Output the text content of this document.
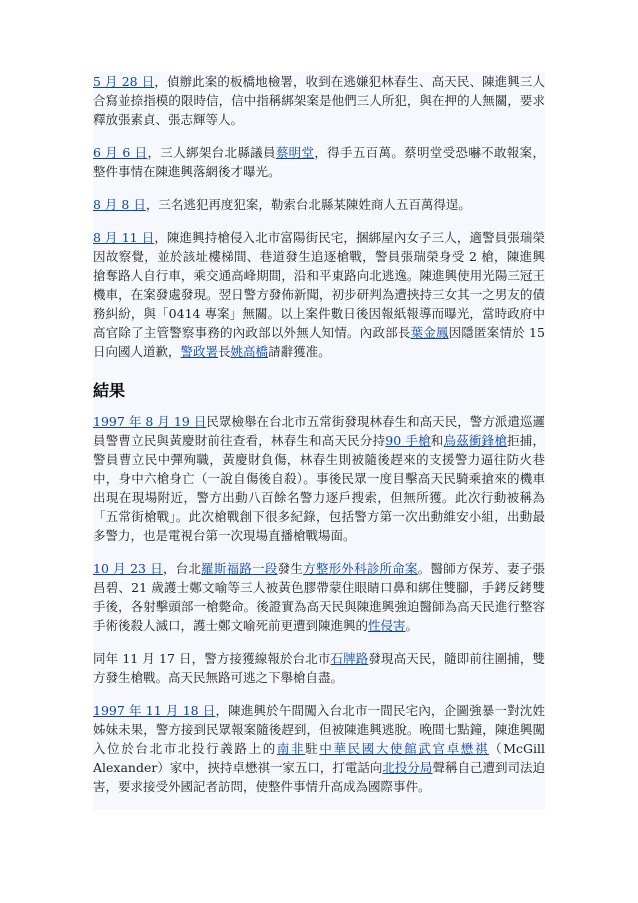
5 月 28 日，偵辦此案的板橋地檢署，收到在逃嫌犯林春生、高天民、陳進興三人合寫並捺指模的限時信，信中指稱綁架案是他們三人所犯，與在押的人無關，要求釋放張素貞、張志輝等人。

6 月 6 日，三人綁架台北縣議員蔡明堂，得手五百萬。蔡明堂受恐嚇不敢報案，整件事情在陳進興落網後才曝光。

8 月 8 日，三名逃犯再度犯案，勒索台北縣某陳姓商人五百萬得逞。

8 月 11 日，陳進興持槍侵入北市富陽街民宅，捆綁屋內女子三人，適警員張瑞榮因故察覺，並於該址樓梯間、巷道發生追逐槍戰，警員張瑞榮身受 2 槍，陳進興搶奪路人自行車，乘交通高峰期間，沿和平東路向北逃逸。陳進興使用光陽三冠王機車，在案發處發現。翌日警方發佈新聞，初步研判為遭挾持三女其一之男友的債務糾紛，與「0414 專案」無關。以上案件數日後因報紙報導而曝光，當時政府中高官除了主管警察事務的內政部以外無人知情。內政部長葉金鳳因隱匿案情於 15 日向國人道歉，警政署長姚高橋請辭獲准。

結果

1997 年 8 月 19 日民眾檢舉在台北市五常街發現林春生和高天民，警方派遣巡邏員警曹立民與黃慶財前往查看，林春生和高天民分持90 手槍和烏茲衝鋒槍拒捕，警員曹立民中彈殉職，黃慶財負傷，林春生則被隨後趕來的支援警力逼往防火巷中，身中六槍身亡（一說自傷後自殺）。事後民眾一度目擊高天民騎乘搶來的機車出現在現場附近，警方出動八百餘名警力逐戶搜索，但無所獲。此次行動被稱為「五常街槍戰」。此次槍戰創下很多紀錄，包括警方第一次出動維安小組，出動最多警力，也是電視台第一次現場直播槍戰場面。

10 月 23 日，台北羅斯福路一段發生方整形外科診所命案。醫師方保芳、妻子張昌碧、21 歲護士鄭文喻等三人被黃色膠帶蒙住眼睛口鼻和綁住雙腳，手銬反銬雙手後，各射擊頭部一槍斃命。後證實為高天民與陳進興強迫醫師為高天民進行整容手術後殺人滅口，護士鄭文喻死前更遭到陳進興的性侵害。

同年 11 月 17 日，警方接獲線報於台北市石牌路發現高天民，隨即前往圍捕，雙方發生槍戰。高天民無路可逃之下舉槍自盡。

1997 年 11 月 18 日，陳進興於午間闖入台北市一間民宅內，企圖強暴一對沈姓姊妹未果，警方接到民眾報案隨後趕到，但被陳進興逃脫。晚間七點鐘，陳進興闖入位於台北市北投行義路上的南非駐中華民國大使館武官卓懋祺（McGill Alexander）家中，挾持卓懋祺一家五口，打電話向北投分局聲稱自己遭到司法迫害，要求接受外國記者訪問，使整件事情升高成為國際事件。
